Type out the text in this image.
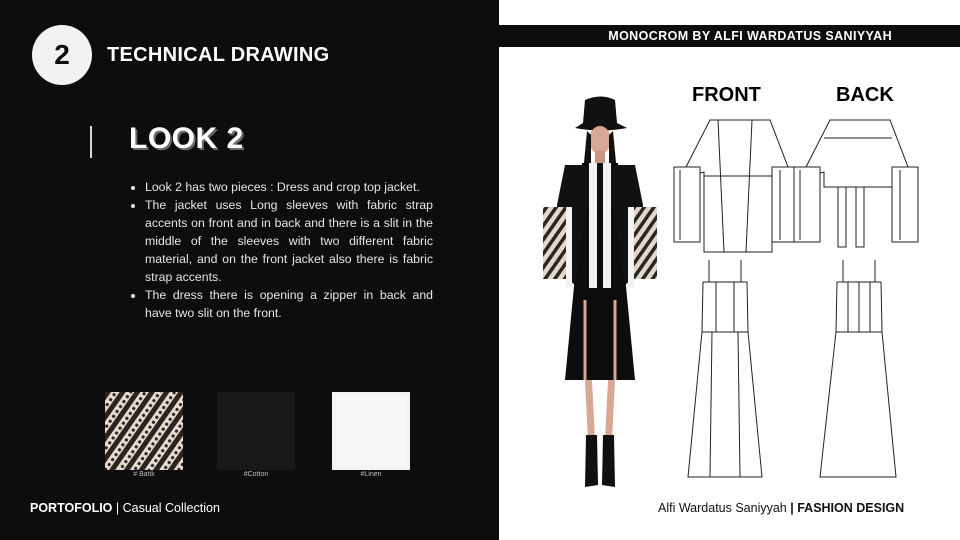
2	TECHNICAL DRAWING
LOOK 2
• Look 2 has two pieces : Dress and crop top jacket.
• The jacket uses Long sleeves with fabric strap accents on front and in back and there is a slit in the middle of the sleeves with two different fabric material, and on the front jacket also there is fabric strap accents.
• The dress there is opening a zipper in back and have two slit on the front.
# Batik	#Cotton	#Linen
PORTOFOLIO | Casual Collection
MONOCROM BY ALFI WARDATUS SANIYYAH
FRONT	BACK
Alfi Wardatus Saniyyah | FASHION DESIGN
